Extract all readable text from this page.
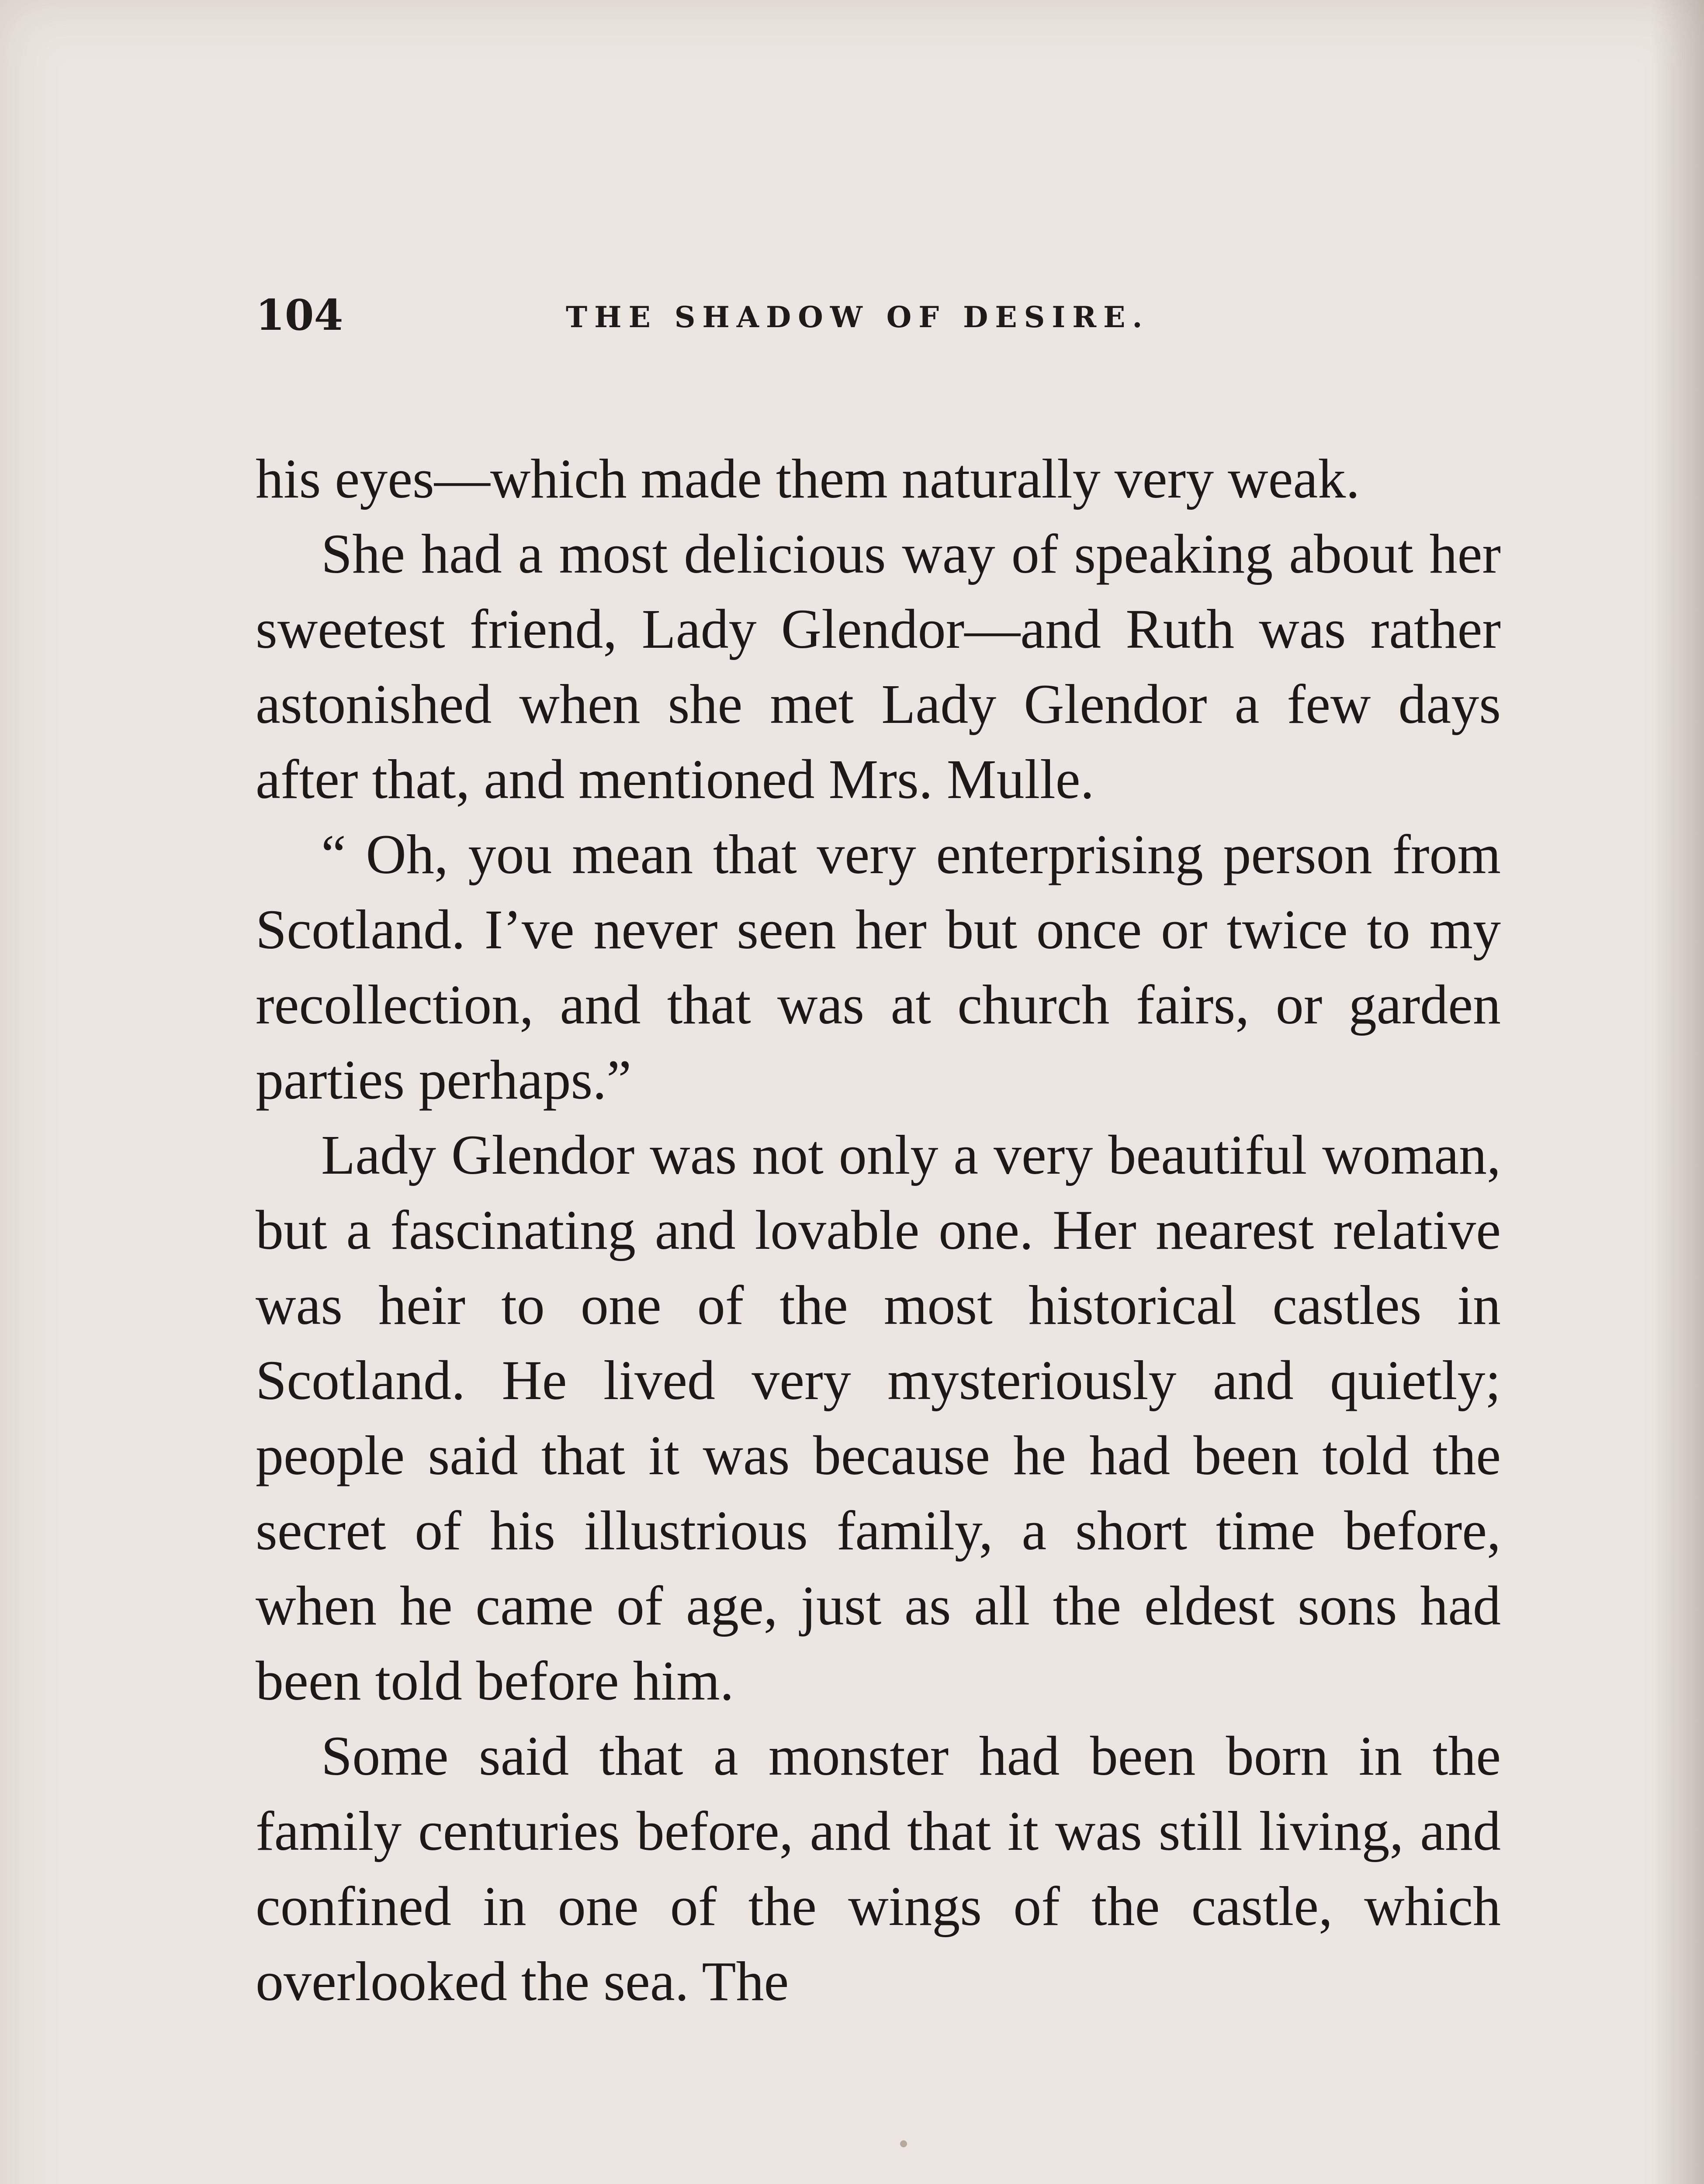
104	THE SHADOW OF DESIRE.

his eyes—which made them naturally very weak.

She had a most delicious way of speaking about her sweetest friend, Lady Glendor—and Ruth was rather astonished when she met Lady Glendor a few days after that, and mentioned Mrs. Mulle.

“ Oh, you mean that very enterprising person from Scotland. I’ve never seen her but once or twice to my recollection, and that was at church fairs, or garden parties perhaps.”

Lady Glendor was not only a very beautiful woman, but a fascinating and lovable one. Her nearest relative was heir to one of the most historical castles in Scotland. He lived very mysteriously and quietly; people said that it was because he had been told the secret of his illustrious family, a short time before, when he came of age, just as all the eldest sons had been told before him.

Some said that a monster had been born in the family centuries before, and that it was still living, and confined in one of the wings of the castle, which overlooked the sea. The
